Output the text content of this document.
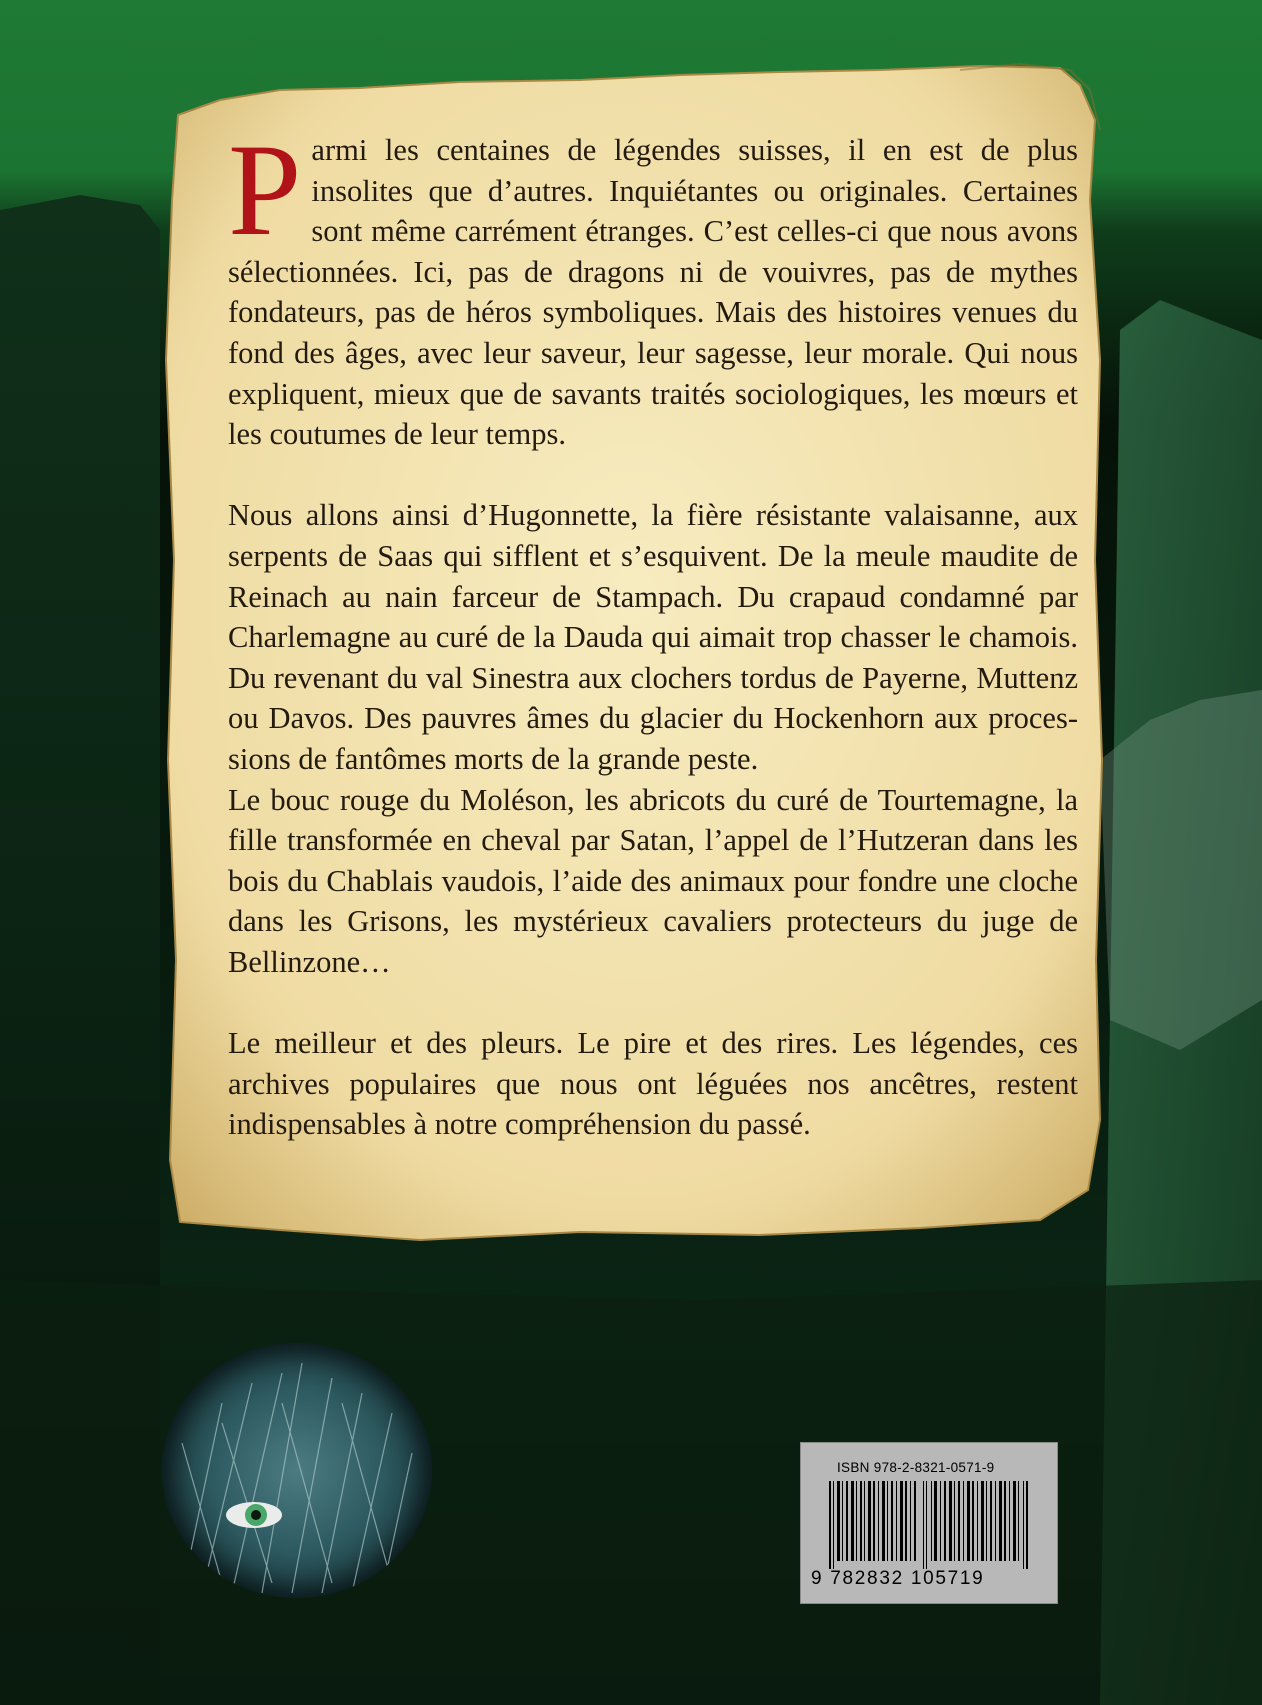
Parmi les centaines de légendes suisses, il en est de plus insolites que d’autres. Inquiétantes ou originales. Certaines sont même carrément étranges. C’est celles-ci que nous avons sélectionnées. Ici, pas de dragons ni de vouivres, pas de mythes fondateurs, pas de héros symboliques. Mais des histoires venues du fond des âges, avec leur saveur, leur sagesse, leur morale. Qui nous expliquent, mieux que de savants traités sociologiques, les mœurs et les coutumes de leur temps.

Nous allons ainsi d’Hugonnette, la fière résistante valaisanne, aux serpents de Saas qui sifflent et s’esquivent. De la meule maudite de Reinach au nain farceur de Stampach. Du crapaud condamné par Charlemagne au curé de la Dauda qui aimait trop chasser le chamois. Du revenant du val Sinestra aux clochers tordus de Payerne, Muttenz ou Davos. Des pauvres âmes du glacier du Hockenhorn aux processions de fantômes morts de la grande peste.

Le bouc rouge du Moléson, les abricots du curé de Tourtemagne, la fille transformée en cheval par Satan, l’appel de l’Hutzeran dans les bois du Chablais vaudois, l’aide des animaux pour fondre une cloche dans les Grisons, les mystérieux cavaliers protecteurs du juge de Bellinzone…

Le meilleur et des pleurs. Le pire et des rires. Les légendes, ces archives populaires que nous ont léguées nos ancêtres, restent indispensables à notre compréhension du passé.

ISBN 978-2-8321-0571-9
9 782832 105719
